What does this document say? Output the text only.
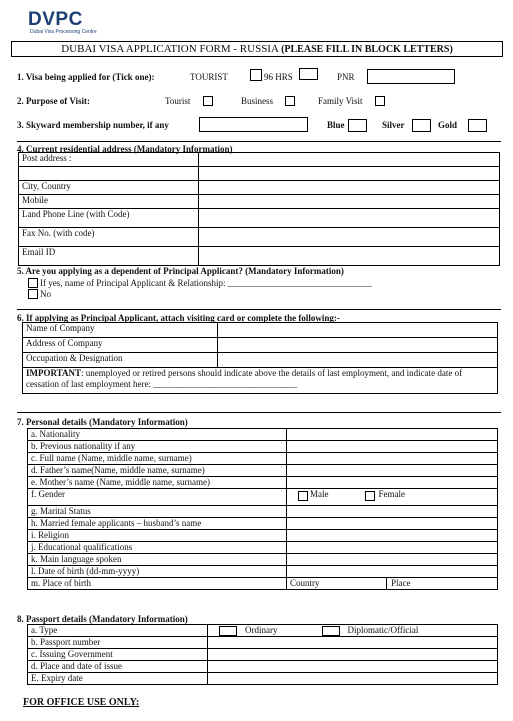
DVPC
Dubai Visa Processing Centre
DUBAI VISA APPLICATION FORM - RUSSIA (PLEASE FILL IN BLOCK LETTERS)
1. Visa being applied for (Tick one):	TOURIST	96 HRS	PNR
2. Purpose of Visit:	Tourist	Business	Family Visit
3. Skyward membership number, if any	Blue	Silver	Gold
4. Current residential address (Mandatory Information)
Post address :	

City, Country	
Mobile	
Land Phone Line (with Code)	
Fax No. (with code)	
Email ID	
5. Are you applying as a dependent of Principal Applicant? (Mandatory Information)
If yes, name of Principal Applicant & Relationship: ________________________________
No
6. If applying as Principal Applicant, attach visiting card or complete the following:-
Name of Company	
Address of Company	
Occupation & Designation	
IMPORTANT: unemployed or retired persons should indicate above the details of last employment, and indicate date of cessation of last employment here: ________________________________	
7. Personal details (Mandatory Information)
a. Nationality		
b. Previous nationality if any		
c. Full name (Name, middle name, surname)		
d. Father’s name(Name, middle name, surname)		
e. Mother’s name (Name, middle name, surname)		
f. Gender	Male Female	
g. Marital Status		
h. Married female applicants – husband’s name		
i. Religion		
j. Educational qualifications		
k. Main language spoken		
l. Date of birth (dd-mm-yyyy)		
m. Place of birth	Country	Place
8. Passport details (Mandatory Information)
a. Type	Ordinary Diplomatic/Official
b. Passport number	
c. Issuing Government	
d. Place and date of issue	
E. Expiry date	
FOR OFFICE USE ONLY:
